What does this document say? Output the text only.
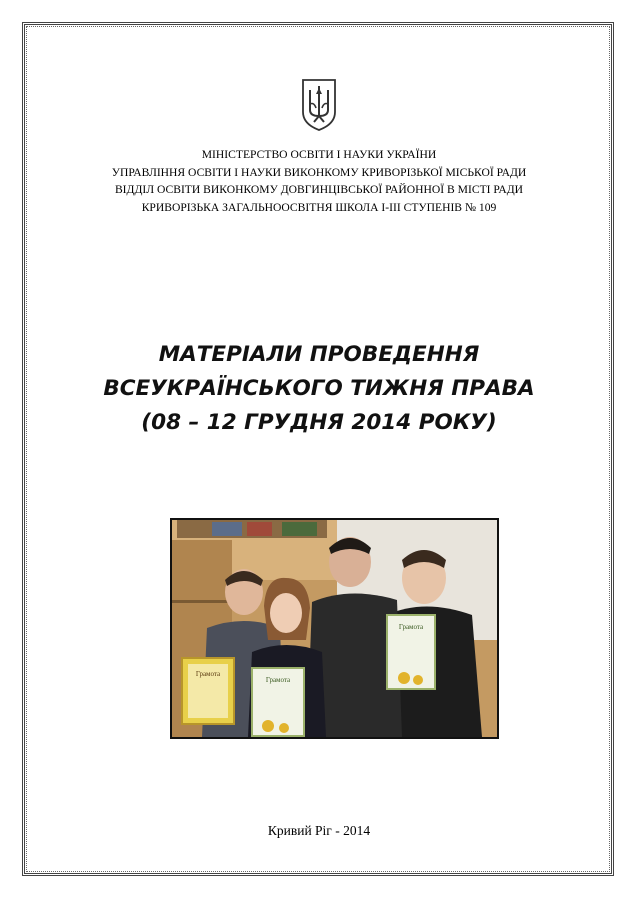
МІНІСТЕРСТВО ОСВІТИ І НАУКИ УКРАЇНИ
УПРАВЛІННЯ ОСВІТИ І НАУКИ ВИКОНКОМУ КРИВОРІЗЬКОЇ МІСЬКОЇ РАДИ
ВІДДІЛ ОСВІТИ ВИКОНКОМУ ДОВГИНЦІВСЬКОЇ РАЙОННОЇ В МІСТІ РАДИ
КРИВОРІЗЬКА ЗАГАЛЬНООСВІТНЯ ШКОЛА І-ІІІ СТУПЕНІВ № 109
МАТЕРІАЛИ ПРОВЕДЕННЯ
ВСЕУКРАЇНСЬКОГО ТИЖНЯ ПРАВА
(08 – 12 ГРУДНЯ 2014 РОКУ)
Грамота
Грамота
Грамота
Кривий Ріг - 2014
